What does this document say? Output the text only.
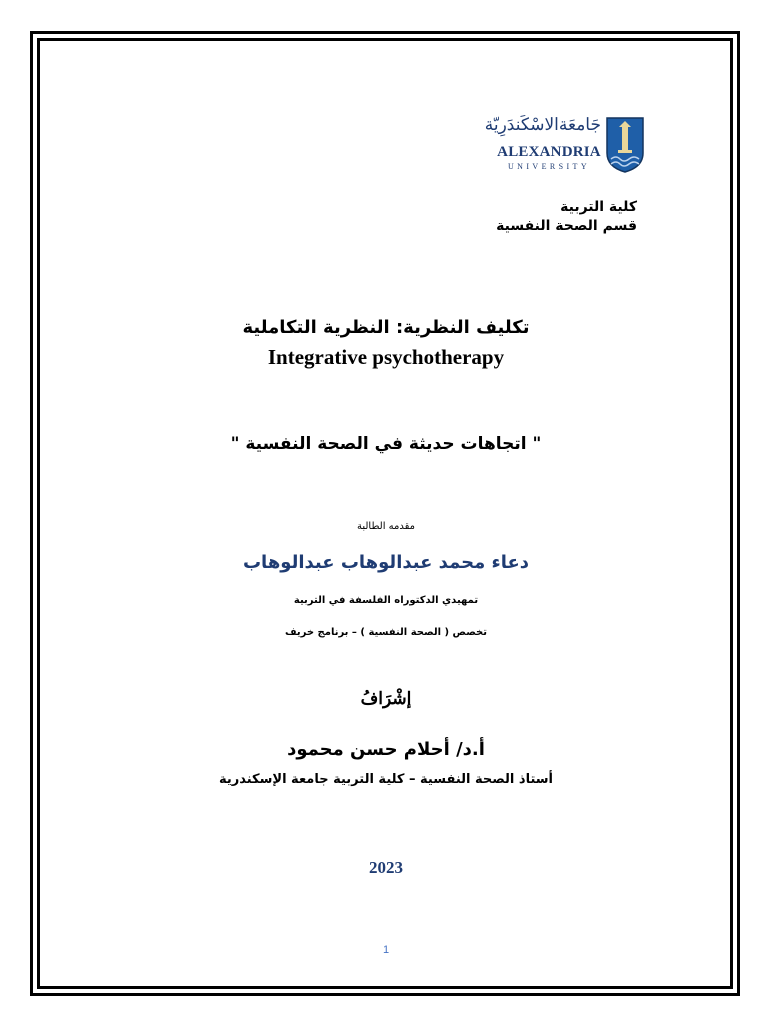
جَامعَةالاسْكَندَرِيّة
ALEXANDRIA
UNIVERSITY
كلية التربية
قسم الصحة النفسية
تكليف النظرية: النظرية التكاملية
Integrative psychotherapy
" اتجاهات حديثة في الصحة النفسية "
مقدمه الطالبة
دعاء محمد عبدالوهاب عبدالوهاب
تمهيدي الدكتوراه الفلسفة في التربية
تخصص ( الصحة النفسية ) – برنامج خريف
إشْرَافُ
أ.د/ أحلام حسن محمود
أستاذ الصحة النفسية – كلية التربية جامعة الإسكندرية
2023
1
